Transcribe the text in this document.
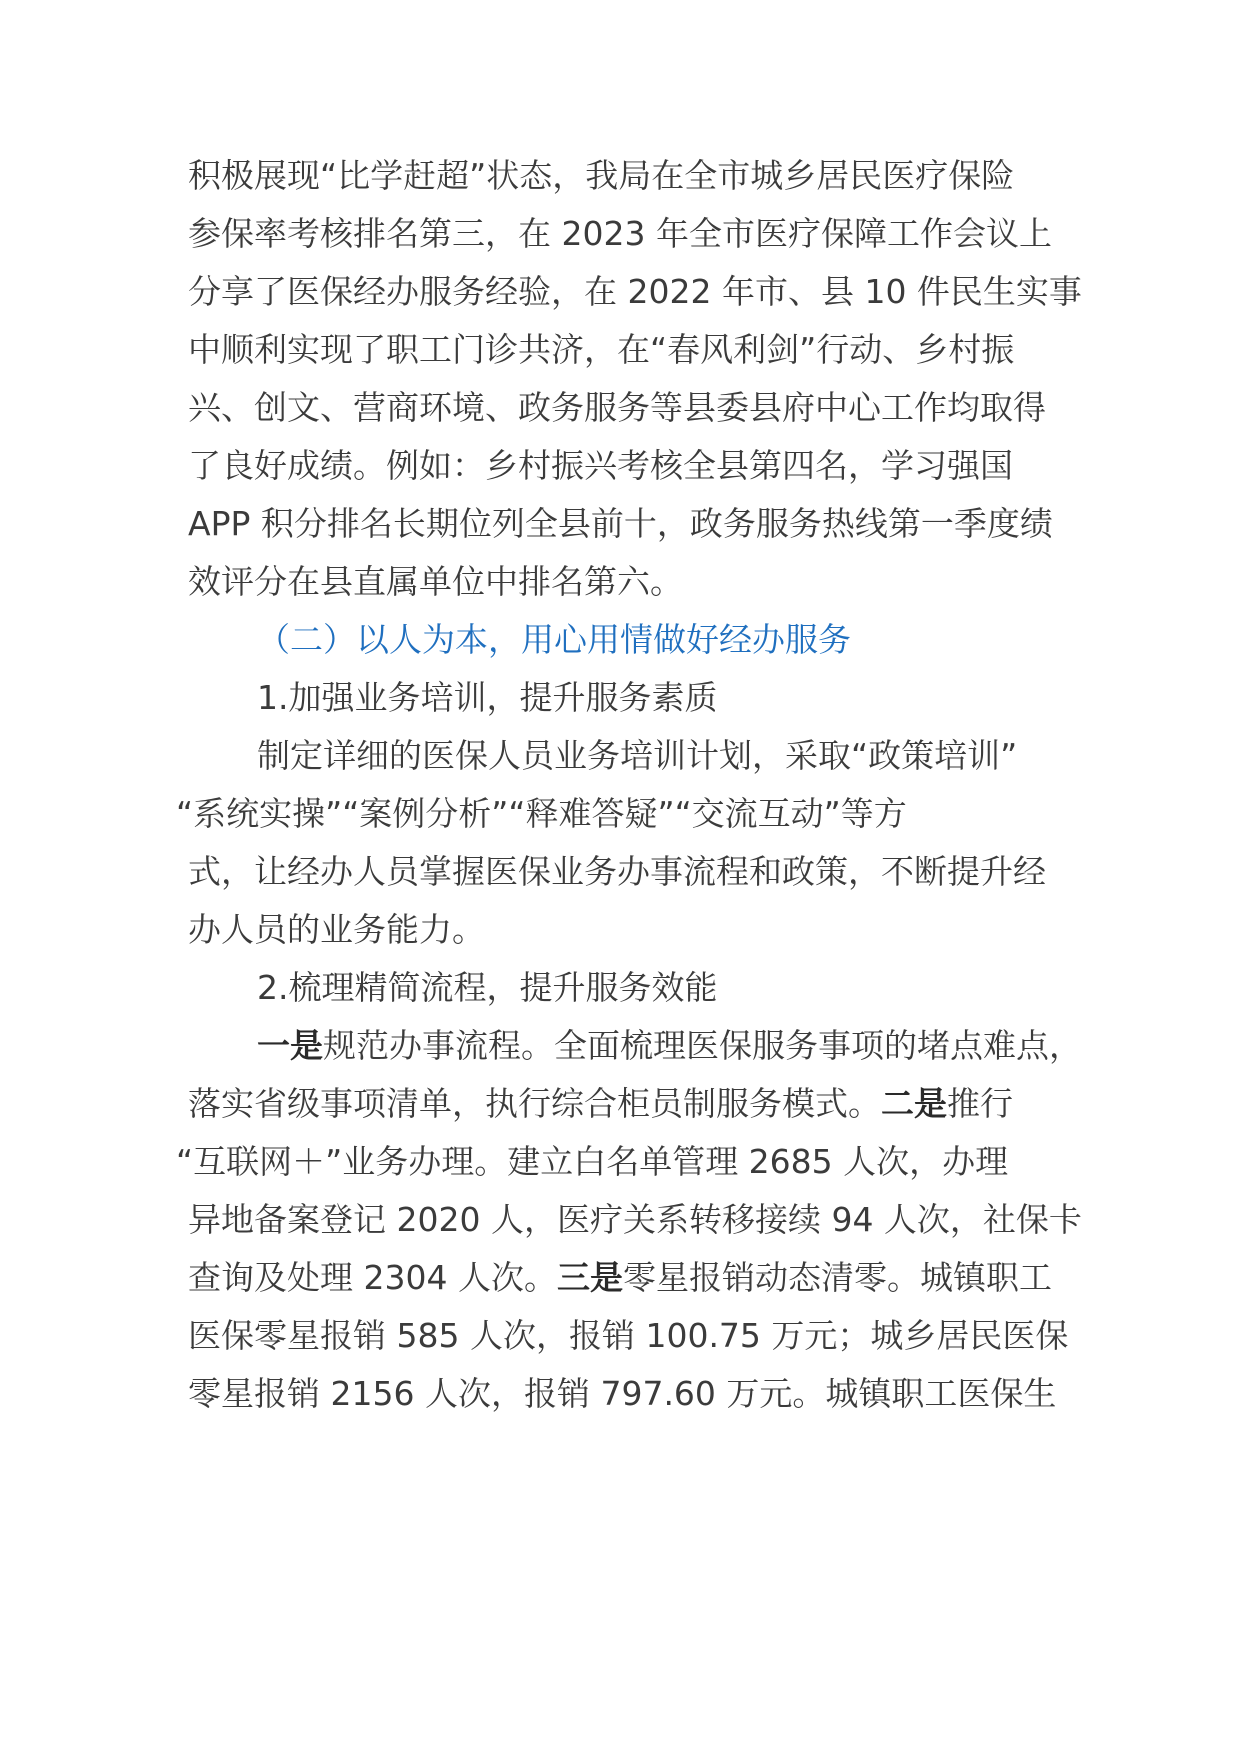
积极展现“比学赶超”状态，我局在全市城乡居民医疗保险
参保率考核排名第三，在 2023 年全市医疗保障工作会议上
分享了医保经办服务经验，在 2022 年市、县 10 件民生实事
中顺利实现了职工门诊共济，在“春风利剑”行动、乡村振
兴、创文、营商环境、政务服务等县委县府中心工作均取得
了良好成绩。例如：乡村振兴考核全县第四名，学习强国
APP 积分排名长期位列全县前十，政务服务热线第一季度绩
效评分在县直属单位中排名第六。
（二）以人为本，用心用情做好经办服务
1.加强业务培训，提升服务素质
制定详细的医保人员业务培训计划，采取“政策培训”
“系统实操”“案例分析”“释难答疑”“交流互动”等方
式，让经办人员掌握医保业务办事流程和政策，不断提升经
办人员的业务能力。
2.梳理精简流程，提升服务效能
一是规范办事流程。全面梳理医保服务事项的堵点难点，
落实省级事项清单，执行综合柜员制服务模式。二是推行
“互联网＋”业务办理。建立白名单管理 2685 人次，办理
异地备案登记 2020 人，医疗关系转移接续 94 人次，社保卡
查询及处理 2304 人次。三是零星报销动态清零。城镇职工
医保零星报销 585 人次，报销 100.75 万元；城乡居民医保
零星报销 2156 人次，报销 797.60 万元。城镇职工医保生
